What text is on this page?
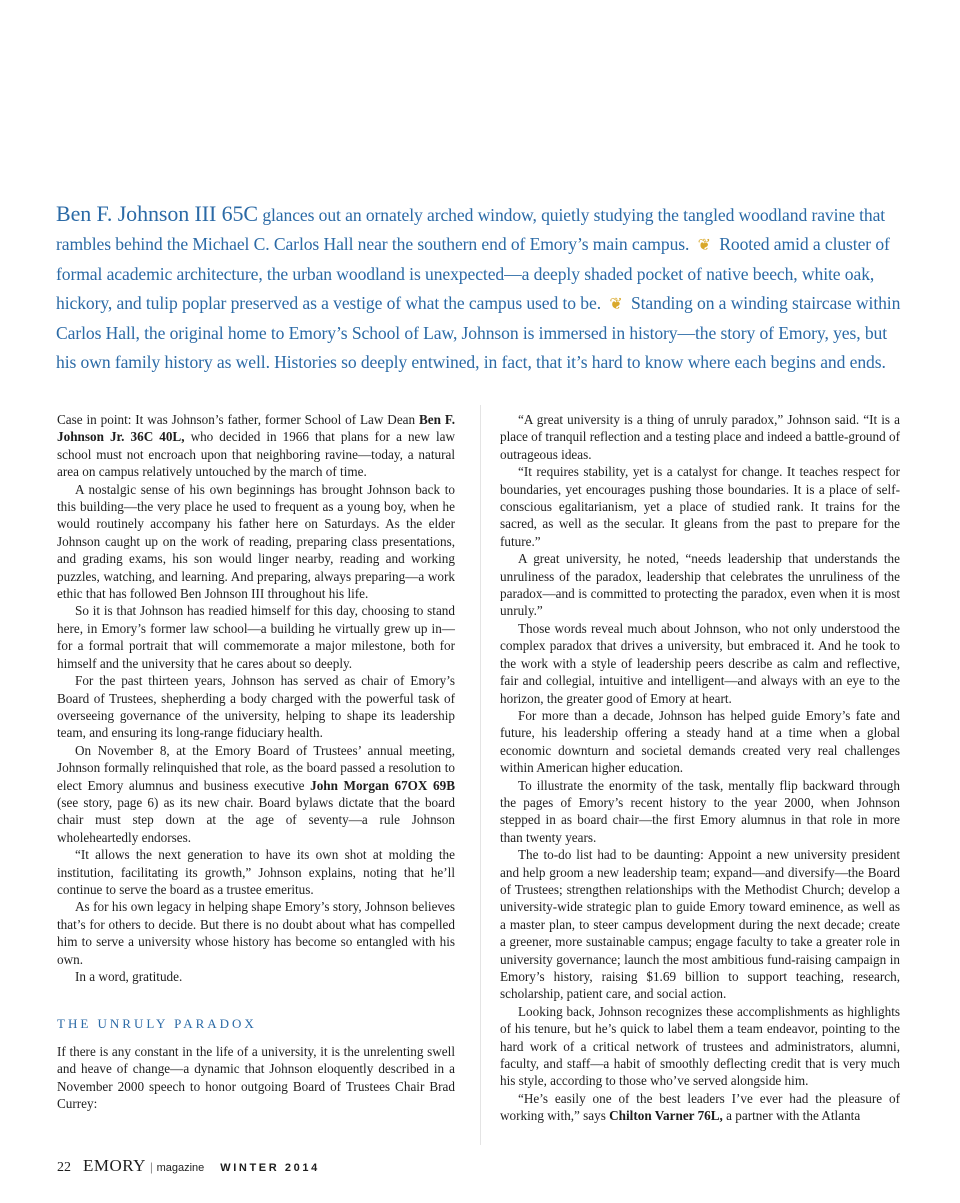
Ben F. Johnson III 65C glances out an ornately arched window, quietly studying the tangled woodland ravine that rambles behind the Michael C. Carlos Hall near the southern end of Emory’s main campus. ❦ Rooted amid a cluster of formal academic architecture, the urban woodland is unexpected—a deeply shaded pocket of native beech, white oak, hickory, and tulip poplar preserved as a vestige of what the campus used to be. ❦ Standing on a winding staircase within Carlos Hall, the original home to Emory’s School of Law, Johnson is immersed in history—the story of Emory, yes, but his own family history as well. Histories so deeply entwined, in fact, that it’s hard to know where each begins and ends.

Case in point: It was Johnson’s father, former School of Law Dean Ben F. Johnson Jr. 36C 40L, who decided in 1966 that plans for a new law school must not encroach upon that neighboring ravine—today, a natural area on campus relatively untouched by the march of time.

A nostalgic sense of his own beginnings has brought Johnson back to this building—the very place he used to frequent as a young boy, when he would routinely accompany his father here on Saturdays. As the elder Johnson caught up on the work of reading, preparing class presentations, and grading exams, his son would linger nearby, reading and working puzzles, watching, and learning. And preparing, always preparing—a work ethic that has followed Ben Johnson III throughout his life.

So it is that Johnson has readied himself for this day, choosing to stand here, in Emory’s former law school—a building he virtually grew up in—for a formal portrait that will commemorate a major milestone, both for himself and the university that he cares about so deeply.

For the past thirteen years, Johnson has served as chair of Emory’s Board of Trustees, shepherding a body charged with the powerful task of overseeing governance of the university, helping to shape its leadership team, and ensuring its long-range fiduciary health.

On November 8, at the Emory Board of Trustees’ annual meeting, Johnson formally relinquished that role, as the board passed a resolution to elect Emory alumnus and business executive John Morgan 67OX 69B (see story, page 6) as its new chair. Board bylaws dictate that the board chair must step down at the age of seventy—a rule Johnson wholeheartedly endorses.

“It allows the next generation to have its own shot at molding the institution, facilitating its growth,” Johnson explains, noting that he’ll continue to serve the board as a trustee emeritus.

As for his own legacy in helping shape Emory’s story, Johnson believes that’s for others to decide. But there is no doubt about what has compelled him to serve a university whose history has become so entangled with his own.

In a word, gratitude.

THE UNRULY PARADOX

If there is any constant in the life of a university, it is the unrelenting swell and heave of change—a dynamic that Johnson eloquently described in a November 2000 speech to honor outgoing Board of Trustees Chair Brad Currey:

“A great university is a thing of unruly paradox,” Johnson said. “It is a place of tranquil reflection and a testing place and indeed a battle-ground of outrageous ideas.

“It requires stability, yet is a catalyst for change. It teaches respect for boundaries, yet encourages pushing those boundaries. It is a place of self-conscious egalitarianism, yet a place of studied rank. It trains for the sacred, as well as the secular. It gleans from the past to prepare for the future.”

A great university, he noted, “needs leadership that understands the unruliness of the paradox, leadership that celebrates the unruliness of the paradox—and is committed to protecting the paradox, even when it is most unruly.”

Those words reveal much about Johnson, who not only understood the complex paradox that drives a university, but embraced it. And he took to the work with a style of leadership peers describe as calm and reflective, fair and collegial, intuitive and intelligent—and always with an eye to the horizon, the greater good of Emory at heart.

For more than a decade, Johnson has helped guide Emory’s fate and future, his leadership offering a steady hand at a time when a global economic downturn and societal demands created very real challenges within American higher education.

To illustrate the enormity of the task, mentally flip backward through the pages of Emory’s recent history to the year 2000, when Johnson stepped in as board chair—the first Emory alumnus in that role in more than twenty years.

The to-do list had to be daunting: Appoint a new university president and help groom a new leadership team; expand—and diversify—the Board of Trustees; strengthen relationships with the Methodist Church; develop a university-wide strategic plan to guide Emory toward eminence, as well as a master plan, to steer campus development during the next decade; create a greener, more sustainable campus; engage faculty to take a greater role in university governance; launch the most ambitious fund-raising campaign in Emory’s history, raising $1.69 billion to support teaching, research, scholarship, patient care, and social action.

Looking back, Johnson recognizes these accomplishments as highlights of his tenure, but he’s quick to label them a team endeavor, pointing to the hard work of a critical network of trustees and administrators, alumni, faculty, and staff—a habit of smoothly deflecting credit that is very much his style, according to those who’ve served alongside him.

“He’s easily one of the best leaders I’ve ever had the pleasure of working with,” says Chilton Varner 76L, a partner with the Atlanta

22 EMORY | magazine WINTER 2014
